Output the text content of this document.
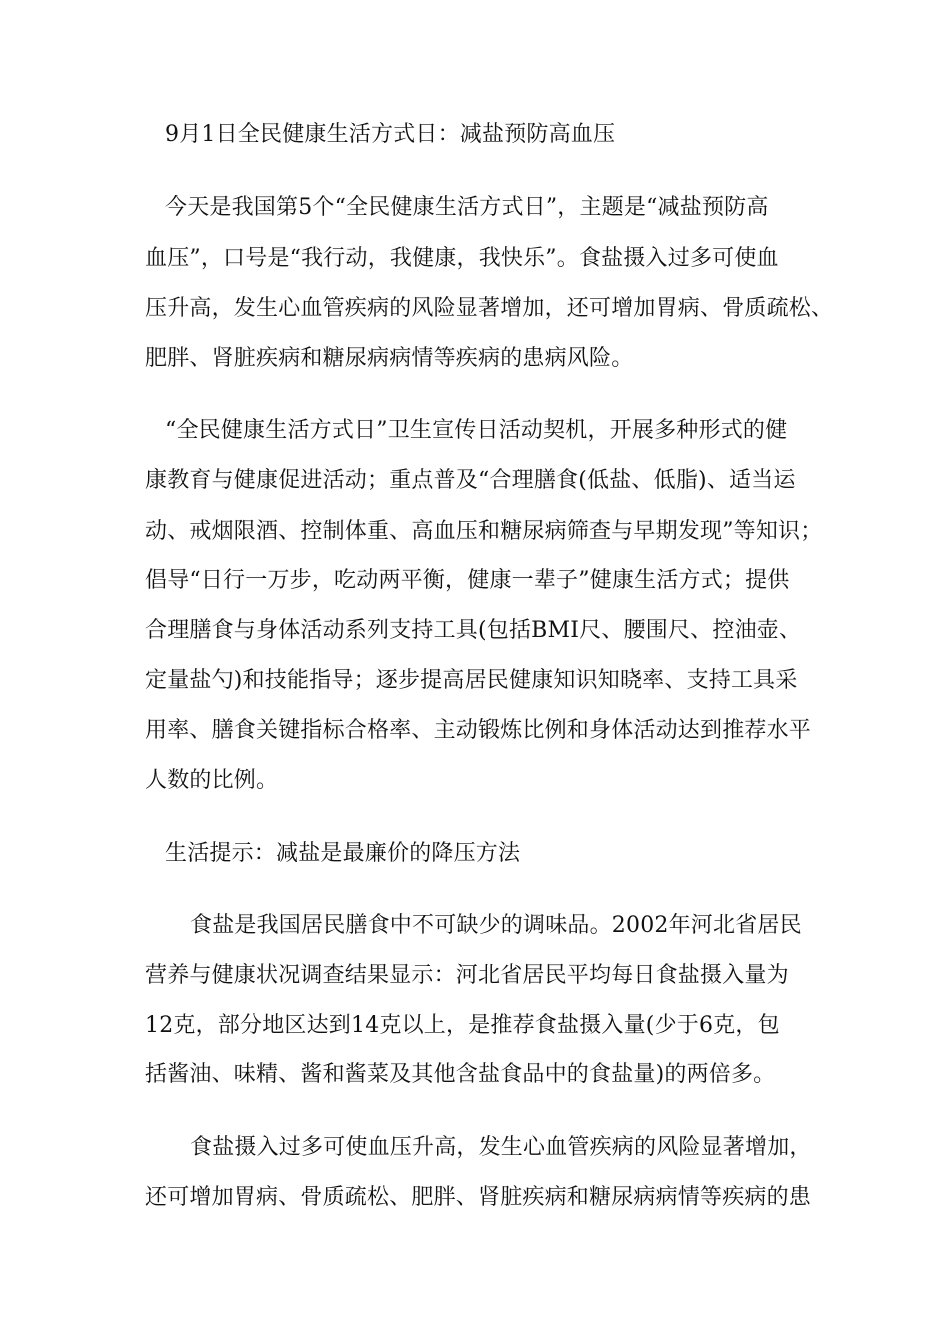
9月1日全民健康生活方式日：减盐预防高血压
今天是我国第5个“全民健康生活方式日”，主题是“减盐预防高
血压”，口号是“我行动，我健康，我快乐”。食盐摄入过多可使血
压升高，发生心血管疾病的风险显著增加，还可增加胃病、骨质疏松、
肥胖、肾脏疾病和糖尿病病情等疾病的患病风险。
“全民健康生活方式日”卫生宣传日活动契机，开展多种形式的健
康教育与健康促进活动；重点普及“合理膳食(低盐、低脂)、适当运
动、戒烟限酒、控制体重、高血压和糖尿病筛查与早期发现”等知识；
倡导“日行一万步，吃动两平衡，健康一辈子”健康生活方式；提供
合理膳食与身体活动系列支持工具(包括BMI尺、腰围尺、控油壶、
定量盐勺)和技能指导；逐步提高居民健康知识知晓率、支持工具采
用率、膳食关键指标合格率、主动锻炼比例和身体活动达到推荐水平
人数的比例。
生活提示：减盐是最廉价的降压方法
食盐是我国居民膳食中不可缺少的调味品。2002年河北省居民
营养与健康状况调查结果显示：河北省居民平均每日食盐摄入量为
12克，部分地区达到14克以上，是推荐食盐摄入量(少于6克，包
括酱油、味精、酱和酱菜及其他含盐食品中的食盐量)的两倍多。
食盐摄入过多可使血压升高，发生心血管疾病的风险显著增加，
还可增加胃病、骨质疏松、肥胖、肾脏疾病和糖尿病病情等疾病的患
